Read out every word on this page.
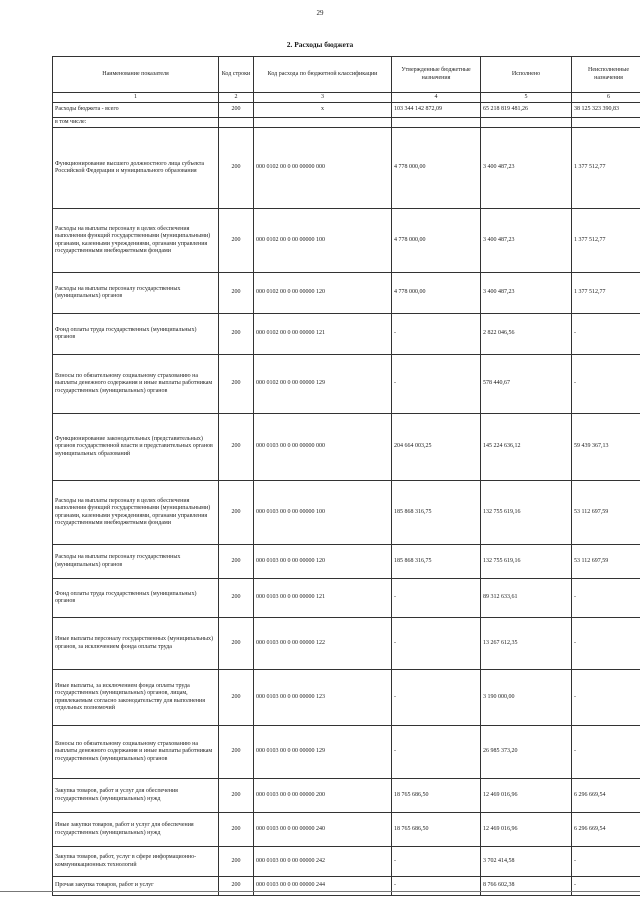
29
2. Расходы бюджета
Наименование показателя	Код строки	Код расхода по бюджетной классификации	Утвержденные бюджетные назначения	Исполнено	Неисполненные назначения
1	2	3	4	5	6
Расходы бюджета - всего	200	x	103 344 142 872,09	65 218 819 481,26	38 125 323 390,83
в том числе:					
Функционирование высшего должностного лица субъекта Российской Федерации и муниципального образования	200	000 0102 00 0 00 00000 000	4 778 000,00	3 400 487,23	1 377 512,77
Расходы на выплаты персоналу в целях обеспечения выполнения функций государственными (муниципальными) органами, казенными учреждениями, органами управления государственными внебюджетными фондами	200	000 0102 00 0 00 00000 100	4 778 000,00	3 400 487,23	1 377 512,77
Расходы на выплаты персоналу государственных (муниципальных) органов	200	000 0102 00 0 00 00000 120	4 778 000,00	3 400 487,23	1 377 512,77
Фонд оплаты труда государственных (муниципальных) органов	200	000 0102 00 0 00 00000 121	-	2 822 046,56	-
Взносы по обязательному социальному страхованию на выплаты денежного содержания и иные выплаты работникам государственных (муниципальных) органов	200	000 0102 00 0 00 00000 129	-	578 440,67	-
Функционирование законодательных (представительных) органов государственной власти и представительных органов муниципальных образований	200	000 0103 00 0 00 00000 000	204 664 003,25	145 224 636,12	59 439 367,13
Расходы на выплаты персоналу в целях обеспечения выполнения функций государственными (муниципальными) органами, казенными учреждениями, органами управления государственными внебюджетными фондами	200	000 0103 00 0 00 00000 100	185 868 316,75	132 755 619,16	53 112 697,59
Расходы на выплаты персоналу государственных (муниципальных) органов	200	000 0103 00 0 00 00000 120	185 868 316,75	132 755 619,16	53 112 697,59
Фонд оплаты труда государственных (муниципальных) органов	200	000 0103 00 0 00 00000 121	-	89 312 633,61	-
Иные выплаты персоналу государственных (муниципальных) органов, за исключением фонда оплаты труда	200	000 0103 00 0 00 00000 122	-	13 267 612,35	-
Иные выплаты, за исключением фонда оплаты труда государственных (муниципальных) органов, лицам, привлекаемым согласно законодательству для выполнения отдельных полномочий	200	000 0103 00 0 00 00000 123	-	3 190 000,00	-
Взносы по обязательному социальному страхованию на выплаты денежного содержания и иные выплаты работникам государственных (муниципальных) органов	200	000 0103 00 0 00 00000 129	-	26 985 373,20	-
Закупка товаров, работ и услуг для обеспечения государственных (муниципальных) нужд	200	000 0103 00 0 00 00000 200	18 765 686,50	12 469 016,96	6 296 669,54
Иные закупки товаров, работ и услуг для обеспечения государственных (муниципальных) нужд	200	000 0103 00 0 00 00000 240	18 765 686,50	12 469 016,96	6 296 669,54
Закупка товаров, работ, услуг в сфере информационно-коммуникационных технологий	200	000 0103 00 0 00 00000 242	-	3 702 414,58	-
Прочая закупка товаров, работ и услуг	200	000 0103 00 0 00 00000 244	-	8 766 602,38	-
